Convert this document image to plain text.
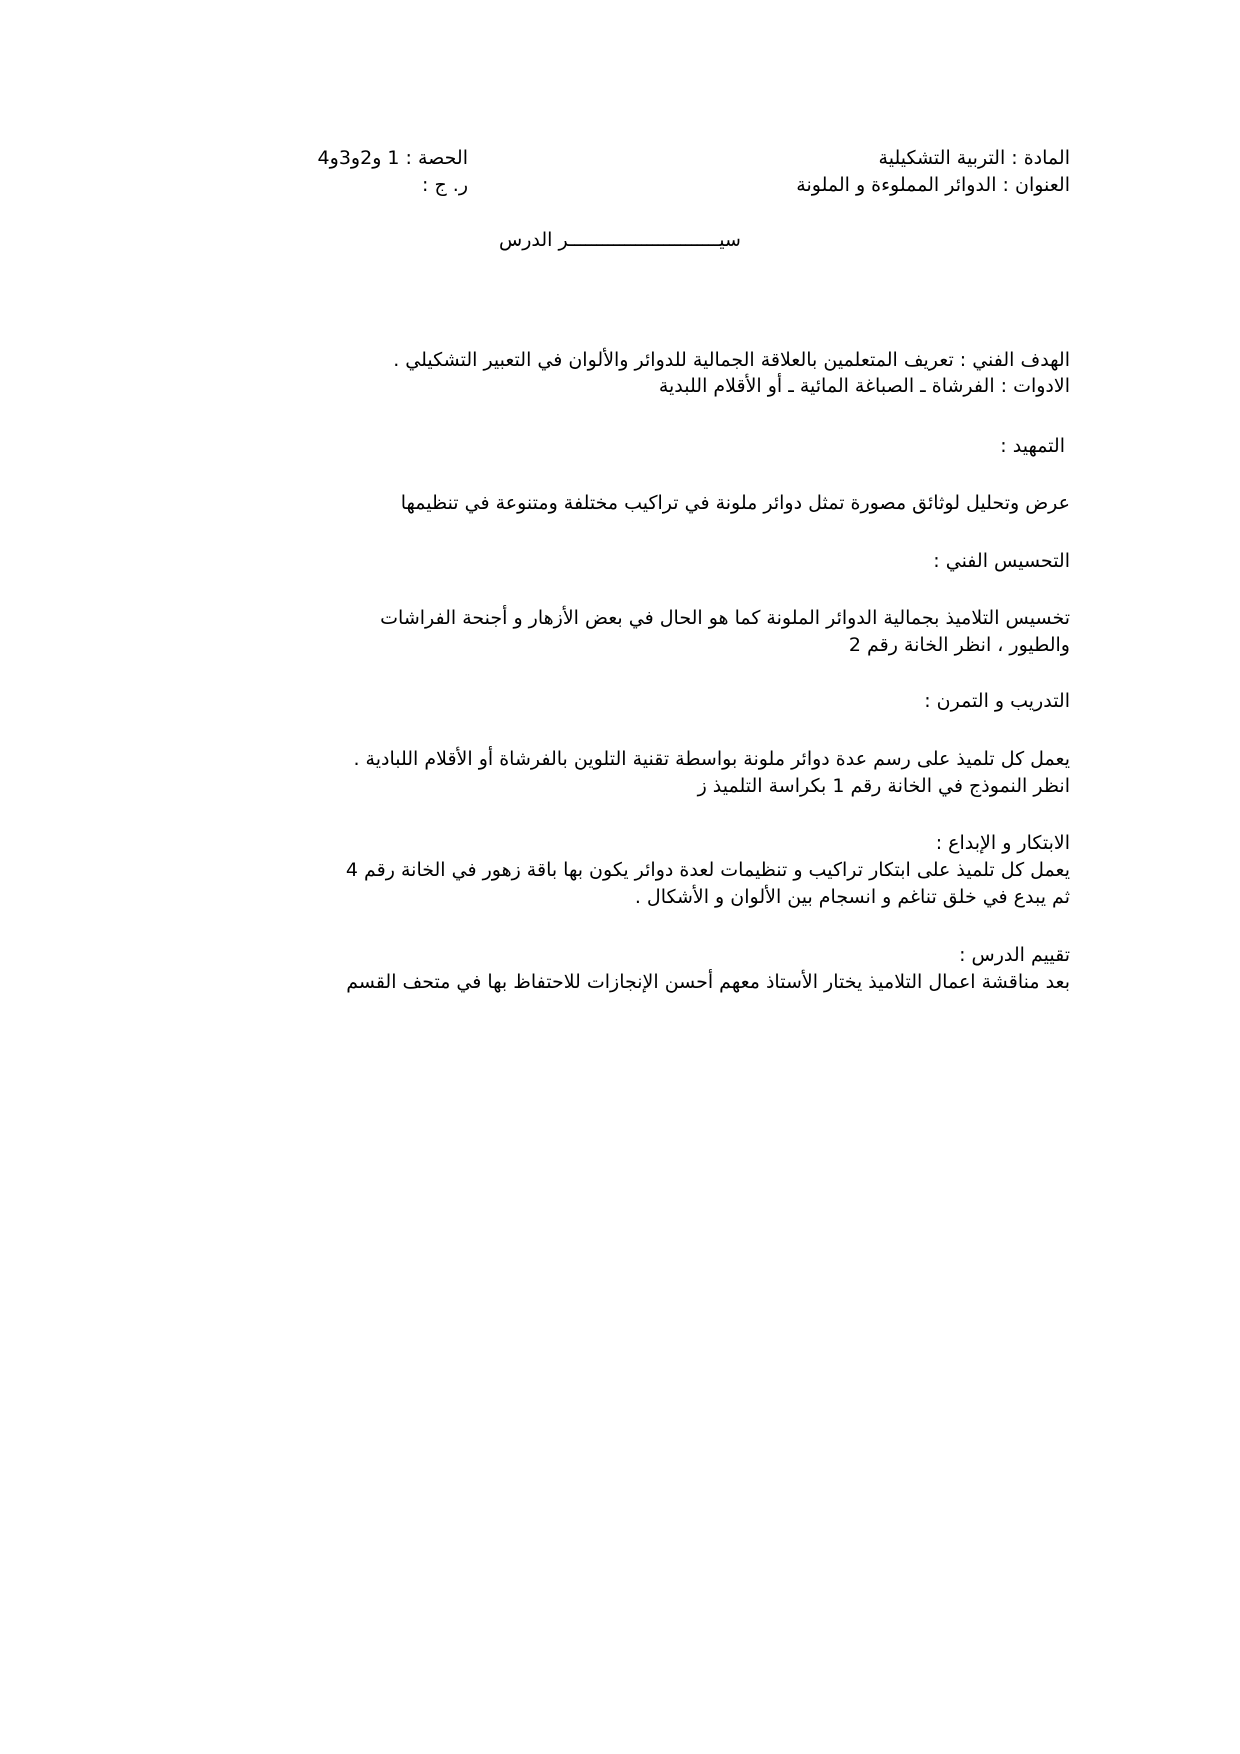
المادة : التربية التشكيلية
العنوان : الدوائر المملوءة و الملونة
الحصة : 1 و2و3و4
ر. ج :
سيـــــــــــــــــــــــــــر الدرس
الهدف الفني : تعريف المتعلمين بالعلاقة الجمالية للدوائر والألوان في التعبير التشكيلي .
الادوات : الفرشاة ـ الصباغة المائية ـ أو الأقلام اللبدية
التمهيد :
عرض وتحليل لوثائق مصورة تمثل دوائر ملونة في تراكيب مختلفة ومتنوعة في تنظيمها
التحسيس الفني :
تخسيس التلاميذ بجمالية الدوائر الملونة كما هو الحال في بعض الأزهار و أجنحة الفراشات
والطيور ، انظر الخانة رقم 2
التدريب و التمرن :
يعمل كل تلميذ على رسم عدة دوائر ملونة بواسطة تقنية التلوين بالفرشاة أو الأقلام اللبادية .
انظر النموذج في الخانة رقم 1 بكراسة التلميذ ز
الابتكار و الإبداع :
يعمل كل تلميذ على ابتكار تراكيب و تنظيمات لعدة دوائر يكون بها باقة زهور في الخانة رقم 4
ثم يبدع في خلق تناغم و انسجام بين الألوان و الأشكال .
تقييم الدرس :
بعد مناقشة اعمال التلاميذ يختار الأستاذ معهم أحسن الإنجازات للاحتفاظ بها في متحف القسم
